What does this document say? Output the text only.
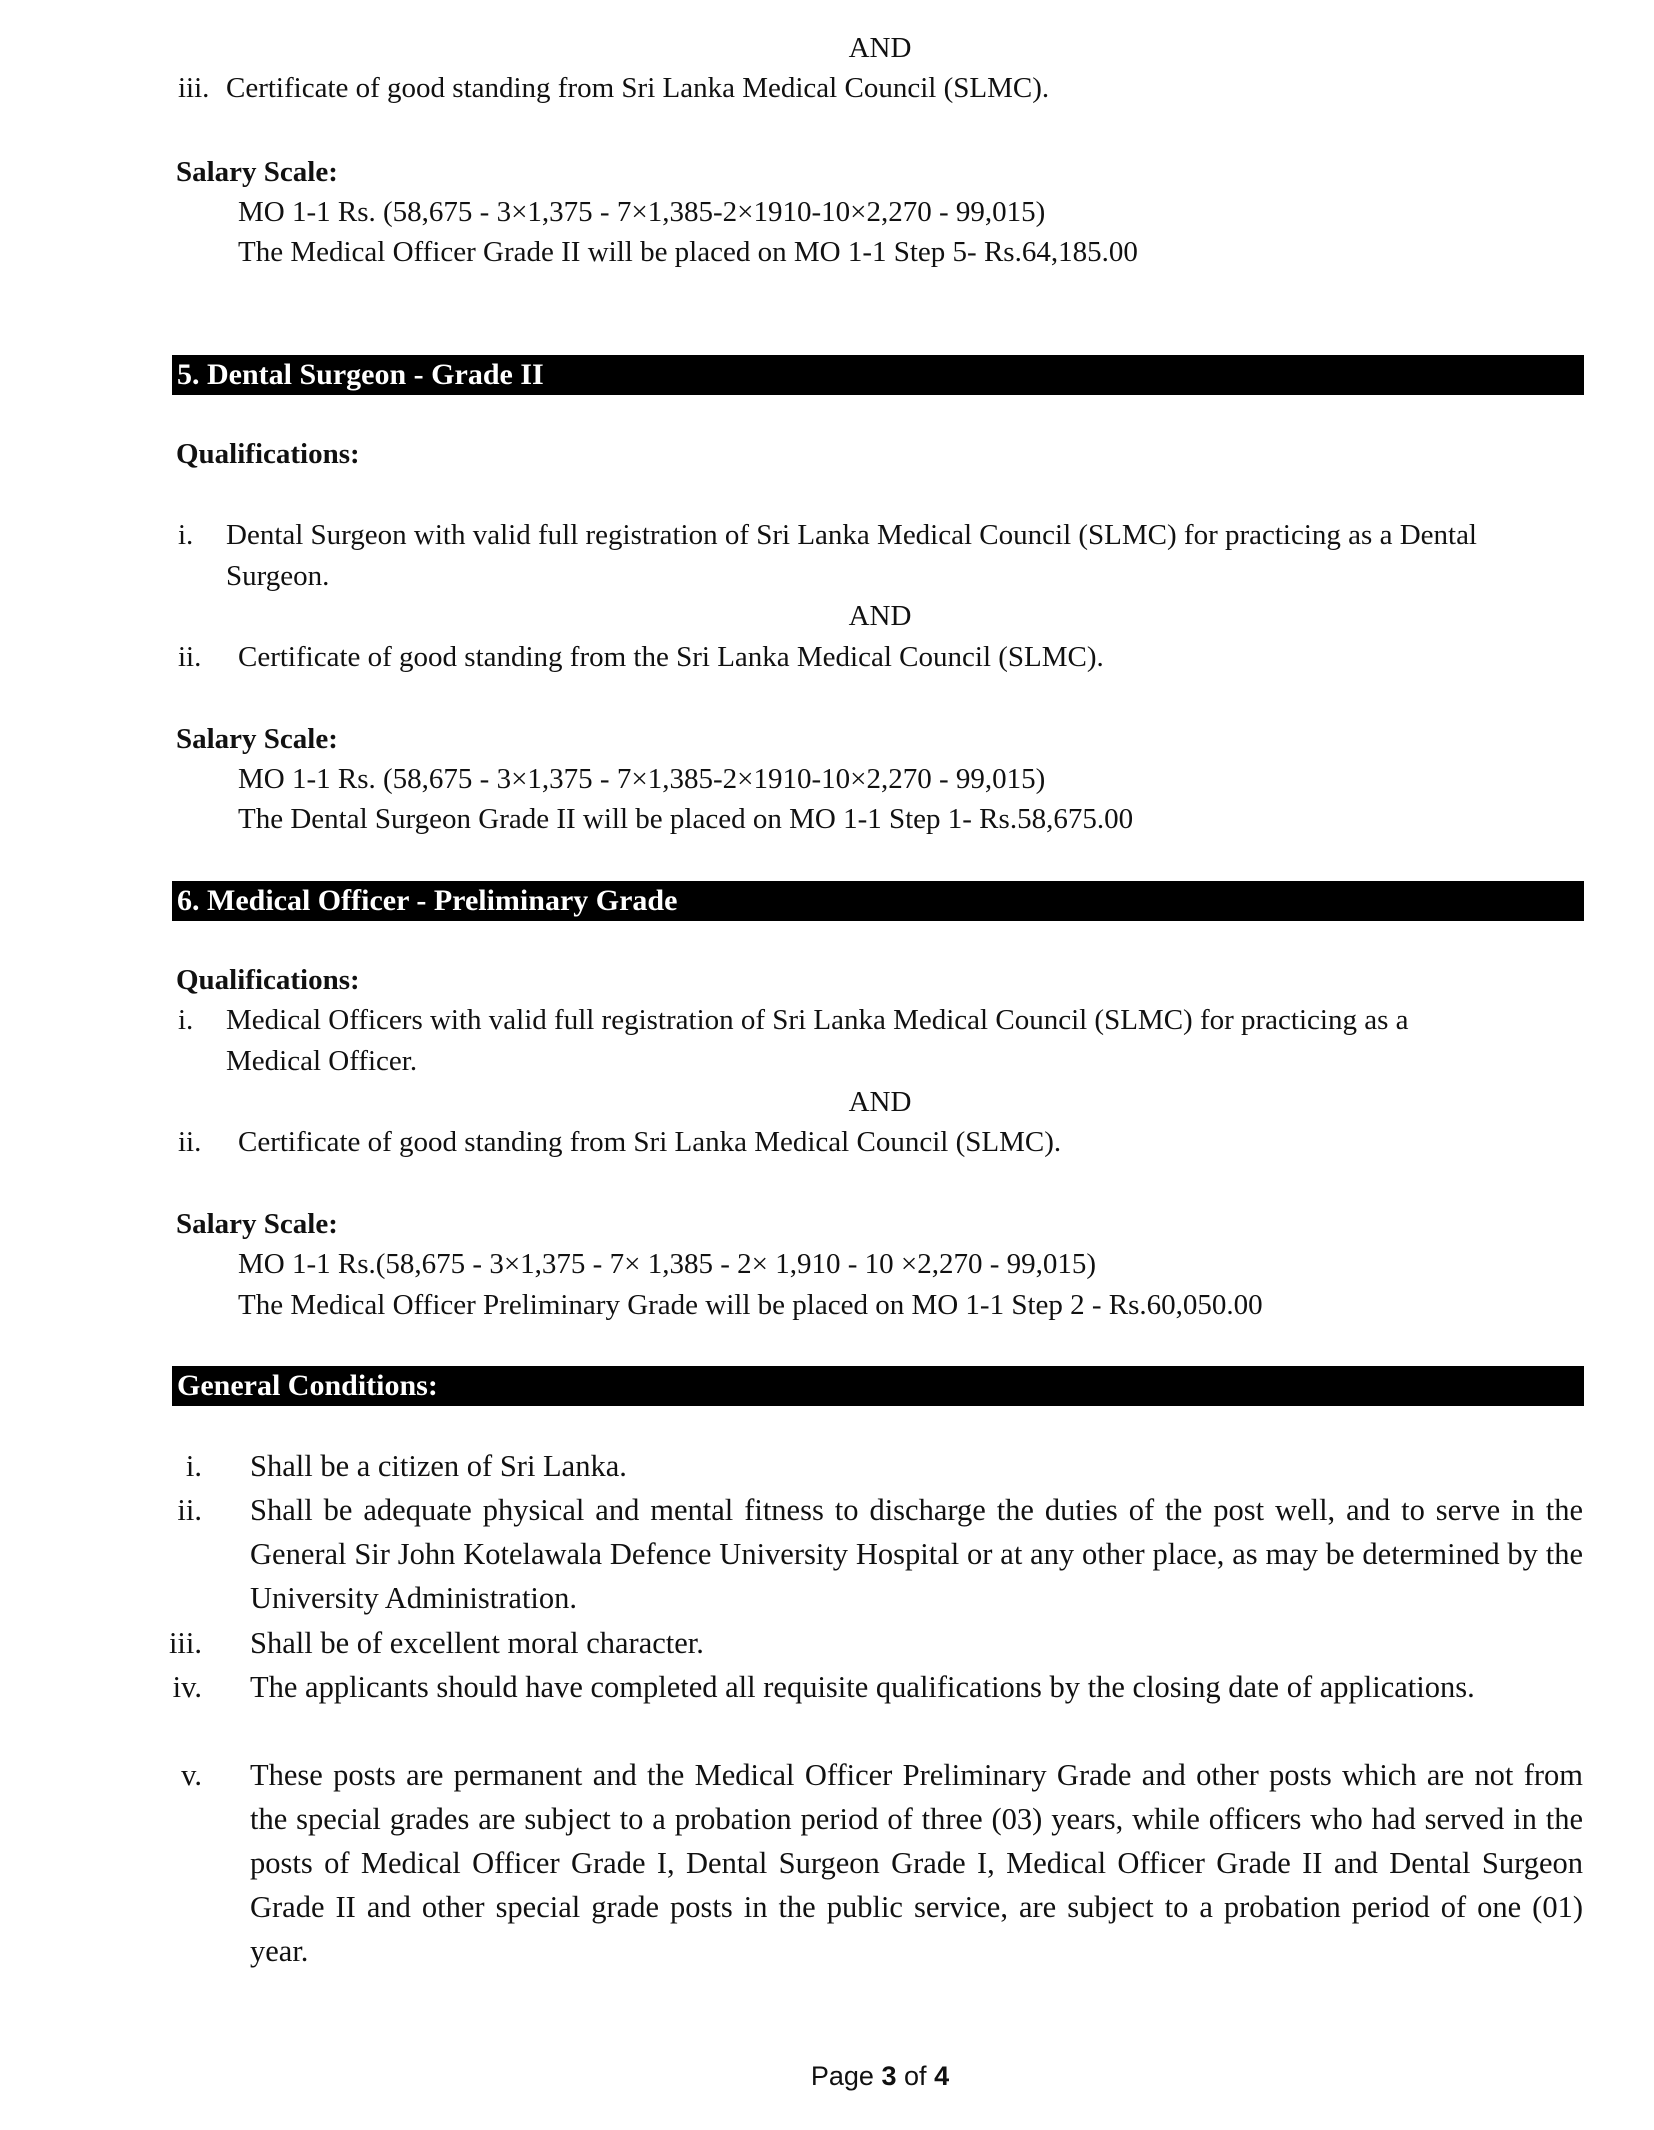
AND
iii. Certificate of good standing from Sri Lanka Medical Council (SLMC).
Salary Scale:
MO 1-1 Rs. (58,675 - 3×1,375 - 7×1,385-2×1910-10×2,270 - 99,015)
The Medical Officer Grade II will be placed on MO 1-1 Step 5- Rs.64,185.00
5. Dental Surgeon - Grade II
Qualifications:
i. Dental Surgeon with valid full registration of Sri Lanka Medical Council (SLMC) for practicing as a Dental
Surgeon.
AND
ii. Certificate of good standing from the Sri Lanka Medical Council (SLMC).
Salary Scale:
MO 1-1 Rs. (58,675 - 3×1,375 - 7×1,385-2×1910-10×2,270 - 99,015)
The Dental Surgeon Grade II will be placed on MO 1-1 Step 1- Rs.58,675.00
6. Medical Officer - Preliminary Grade
Qualifications:
i. Medical Officers with valid full registration of Sri Lanka Medical Council (SLMC) for practicing as a
Medical Officer.
AND
ii. Certificate of good standing from Sri Lanka Medical Council (SLMC).
Salary Scale:
MO 1-1 Rs.(58,675 - 3×1,375 - 7× 1,385 - 2× 1,910 - 10 ×2,270 - 99,015)
The Medical Officer Preliminary Grade will be placed on MO 1-1 Step 2 - Rs.60,050.00
General Conditions:
i. Shall be a citizen of Sri Lanka.
ii. Shall be adequate physical and mental fitness to discharge the duties of the post well, and to serve in the General Sir John Kotelawala Defence University Hospital or at any other place, as may be determined by the University Administration.
iii. Shall be of excellent moral character.
iv. The applicants should have completed all requisite qualifications by the closing date of applications.
v. These posts are permanent and the Medical Officer Preliminary Grade and other posts which are not from the special grades are subject to a probation period of three (03) years, while officers who had served in the posts of Medical Officer Grade I, Dental Surgeon Grade I, Medical Officer Grade II and Dental Surgeon Grade II and other special grade posts in the public service, are subject to a probation period of one (01) year.
Page 3 of 4
